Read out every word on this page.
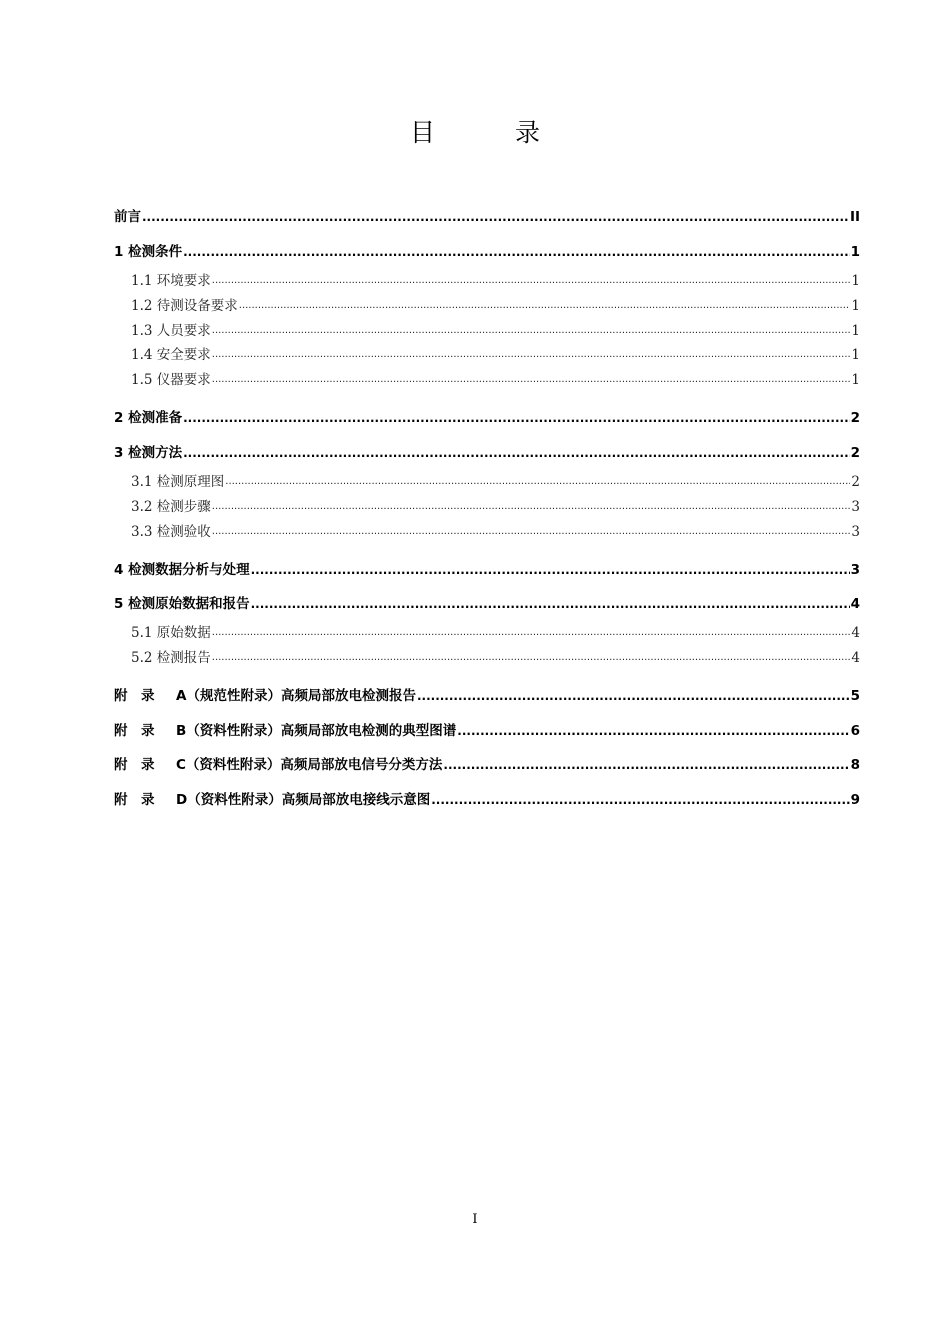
目 录
前言 .....	II
1 检测条件 .....	1
1.1 环境要求 .....	1
1.2 待测设备要求 .....	1
1.3 人员要求 .....	1
1.4 安全要求 .....	1
1.5 仪器要求 .....	1
2 检测准备 .....	2
3 检测方法 .....	2
3.1 检测原理图 .....	2
3.2 检测步骤 .....	3
3.3 检测验收 .....	3
4 检测数据分析与处理 .....	3
5 检测原始数据和报告 .....	4
5.1 原始数据 .....	4
5.2 检测报告 .....	4
附　录 A（规范性附录）高频局部放电检测报告 .....	5
附　录 B（资料性附录）高频局部放电检测的典型图谱 .....	6
附　录 C（资料性附录）高频局部放电信号分类方法 .....	8
附　录 D（资料性附录）高频局部放电接线示意图 .....	9
I
